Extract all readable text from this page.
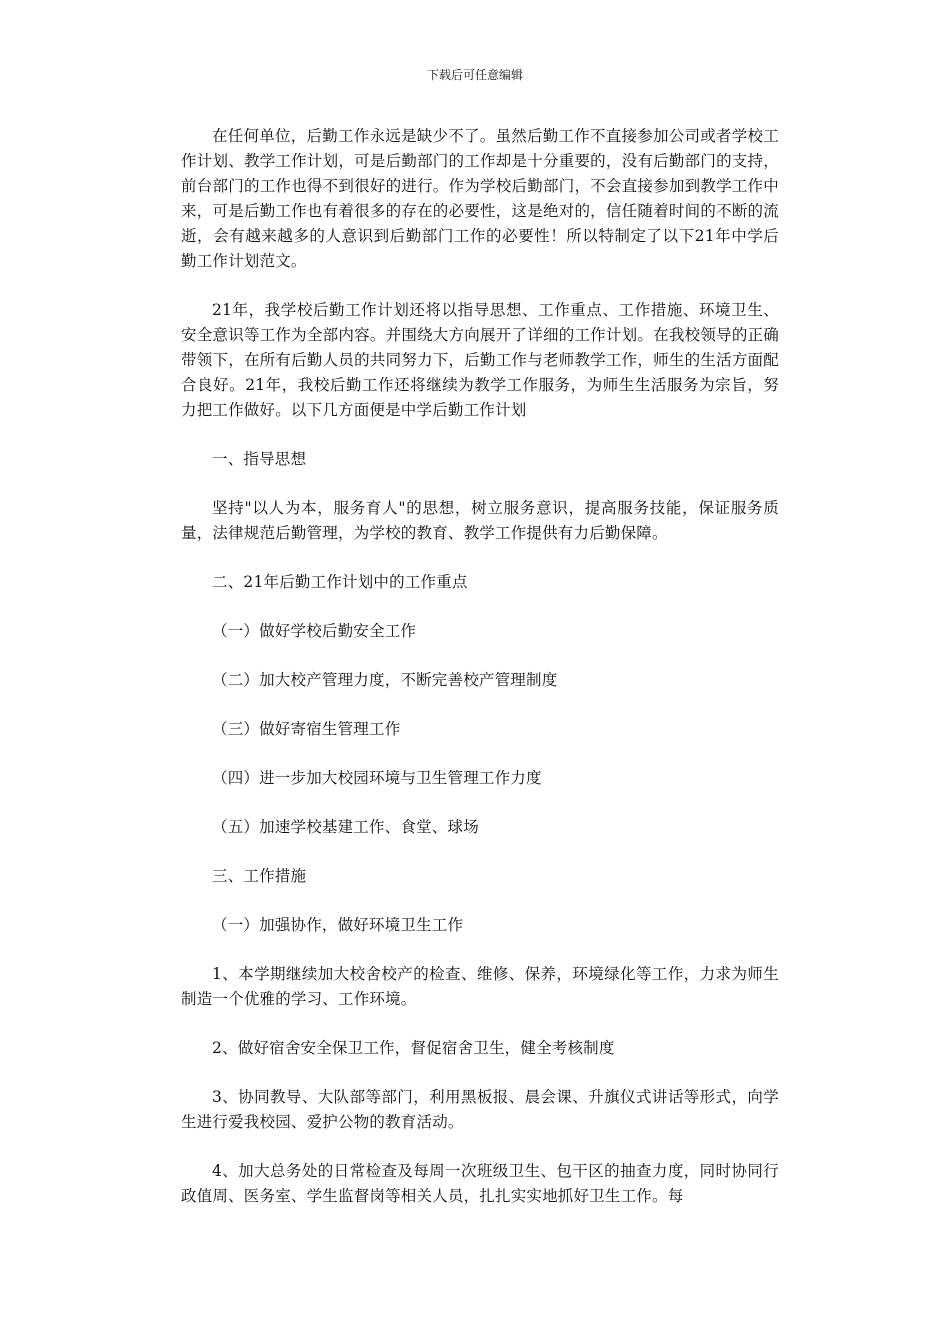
下载后可任意编辑

在任何单位，后勤工作永远是缺少不了。虽然后勤工作不直接参加公司或者学校工作计划、教学工作计划，可是后勤部门的工作却是十分重要的，没有后勤部门的支持，前台部门的工作也得不到很好的进行。作为学校后勤部门，不会直接参加到教学工作中来，可是后勤工作也有着很多的存在的必要性，这是绝对的，信任随着时间的不断的流逝，会有越来越多的人意识到后勤部门工作的必要性！所以特制定了以下21年中学后勤工作计划范文。

21年，我学校后勤工作计划还将以指导思想、工作重点、工作措施、环境卫生、安全意识等工作为全部内容。并围绕大方向展开了详细的工作计划。在我校领导的正确带领下，在所有后勤人员的共同努力下，后勤工作与老师教学工作，师生的生活方面配合良好。21年，我校后勤工作还将继续为教学工作服务，为师生生活服务为宗旨，努力把工作做好。以下几方面便是中学后勤工作计划

一、指导思想

坚持"以人为本，服务育人"的思想，树立服务意识，提高服务技能，保证服务质量，法律规范后勤管理，为学校的教育、教学工作提供有力后勤保障。

二、21年后勤工作计划中的工作重点

（一）做好学校后勤安全工作

（二）加大校产管理力度，不断完善校产管理制度

（三）做好寄宿生管理工作

（四）进一步加大校园环境与卫生管理工作力度

（五）加速学校基建工作、食堂、球场

三、工作措施

（一）加强协作，做好环境卫生工作

1、本学期继续加大校舍校产的检查、维修、保养，环境绿化等工作，力求为师生制造一个优雅的学习、工作环境。

2、做好宿舍安全保卫工作，督促宿舍卫生，健全考核制度

3、协同教导、大队部等部门，利用黑板报、晨会课、升旗仪式讲话等形式，向学生进行爱我校园、爱护公物的教育活动。

4、加大总务处的日常检查及每周一次班级卫生、包干区的抽查力度，同时协同行政值周、医务室、学生监督岗等相关人员，扎扎实实地抓好卫生工作。每
